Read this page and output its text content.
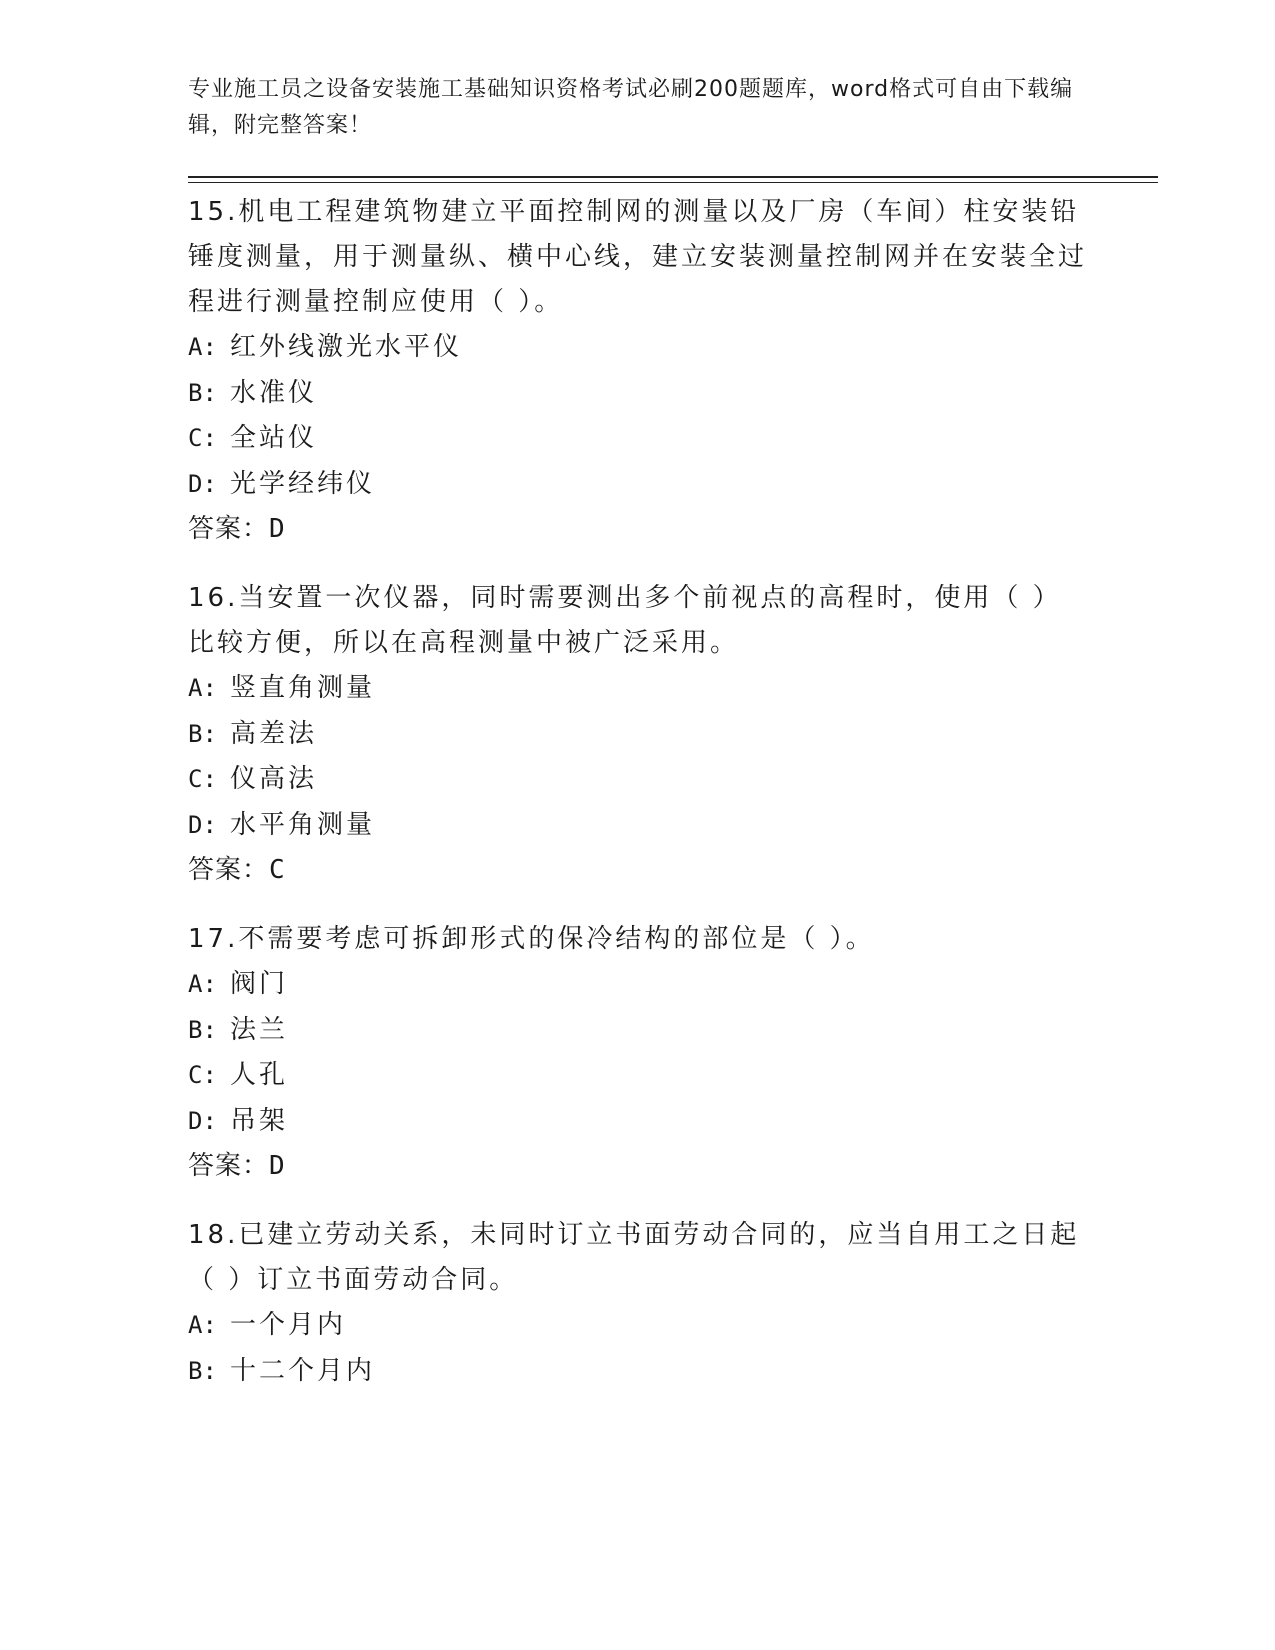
专业施工员之设备安装施工基础知识资格考试必刷200题题库，word格式可自由下载编辑，附完整答案！

15.机电工程建筑物建立平面控制网的测量以及厂房（车间）柱安装铅锤度测量，用于测量纵、横中心线，建立安装测量控制网并在安装全过程进行测量控制应使用（ ）。

A: 红外线激光水平仪
B: 水准仪
C: 全站仪
D: 光学经纬仪
答案：D

16.当安置一次仪器，同时需要测出多个前视点的高程时，使用（ ）比较方便，所以在高程测量中被广泛采用。

A: 竖直角测量
B: 高差法
C: 仪高法
D: 水平角测量
答案：C

17.不需要考虑可拆卸形式的保冷结构的部位是（ ）。

A: 阀门
B: 法兰
C: 人孔
D: 吊架
答案：D

18.已建立劳动关系，未同时订立书面劳动合同的，应当自用工之日起（ ）订立书面劳动合同。

A: 一个月内
B: 十二个月内
